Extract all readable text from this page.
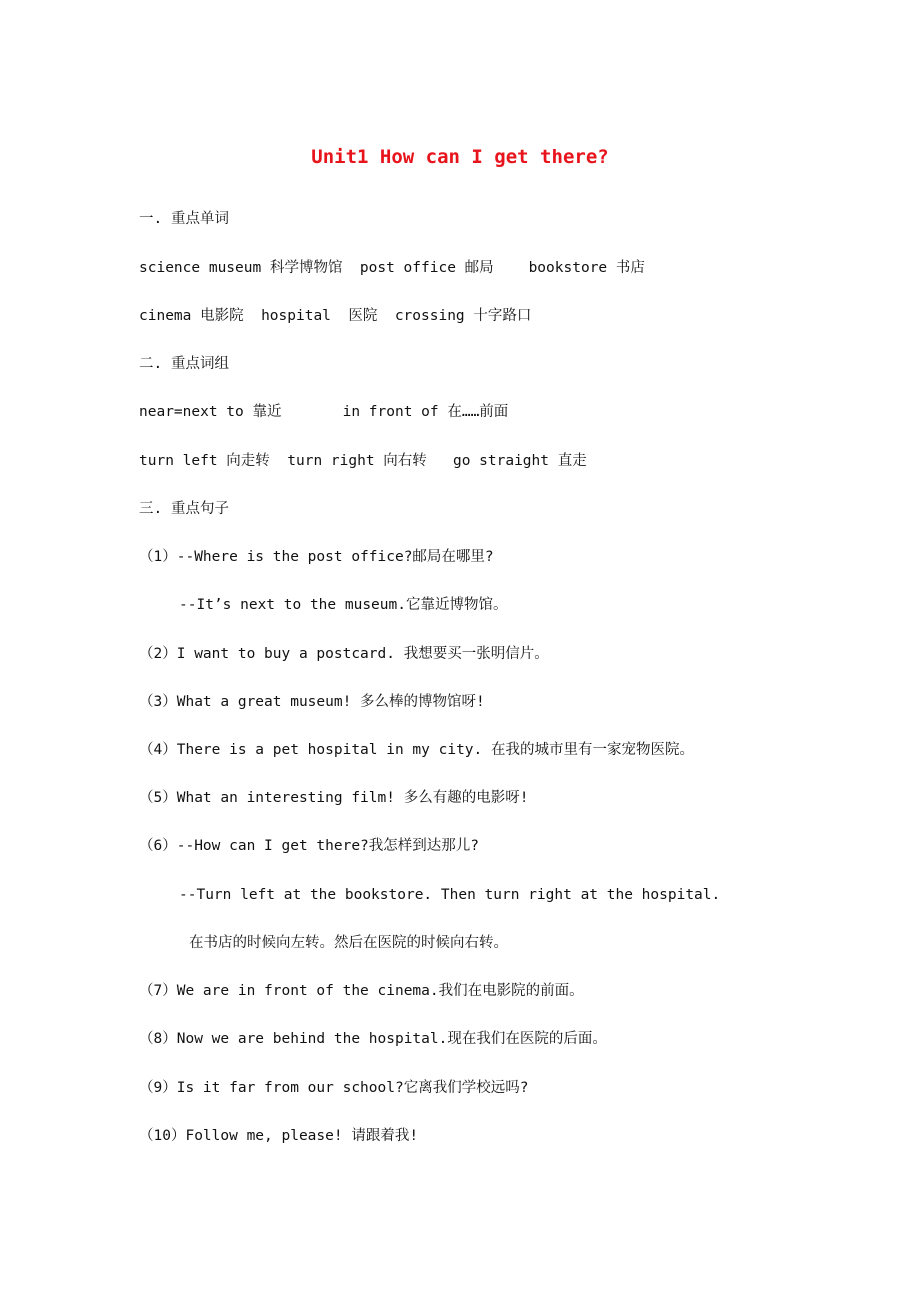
Unit1 How can I get there?

一. 重点单词

science museum 科学博物馆  post office 邮局    bookstore 书店

cinema 电影院  hospital  医院  crossing 十字路口

二. 重点词组

near=next to 靠近       in front of 在……前面

turn left 向走转  turn right 向右转   go straight 直走

三. 重点句子

（1）--Where is the post office?邮局在哪里?

--It’s next to the museum.它靠近博物馆。

（2）I want to buy a postcard. 我想要买一张明信片。

（3）What a great museum! 多么棒的博物馆呀!

（4）There is a pet hospital in my city. 在我的城市里有一家宠物医院。

（5）What an interesting film! 多么有趣的电影呀!

（6）--How can I get there?我怎样到达那儿?

--Turn left at the bookstore. Then turn right at the hospital.

在书店的时候向左转。然后在医院的时候向右转。

（7）We are in front of the cinema.我们在电影院的前面。

（8）Now we are behind the hospital.现在我们在医院的后面。

（9）Is it far from our school?它离我们学校远吗?

（10）Follow me, please! 请跟着我!
